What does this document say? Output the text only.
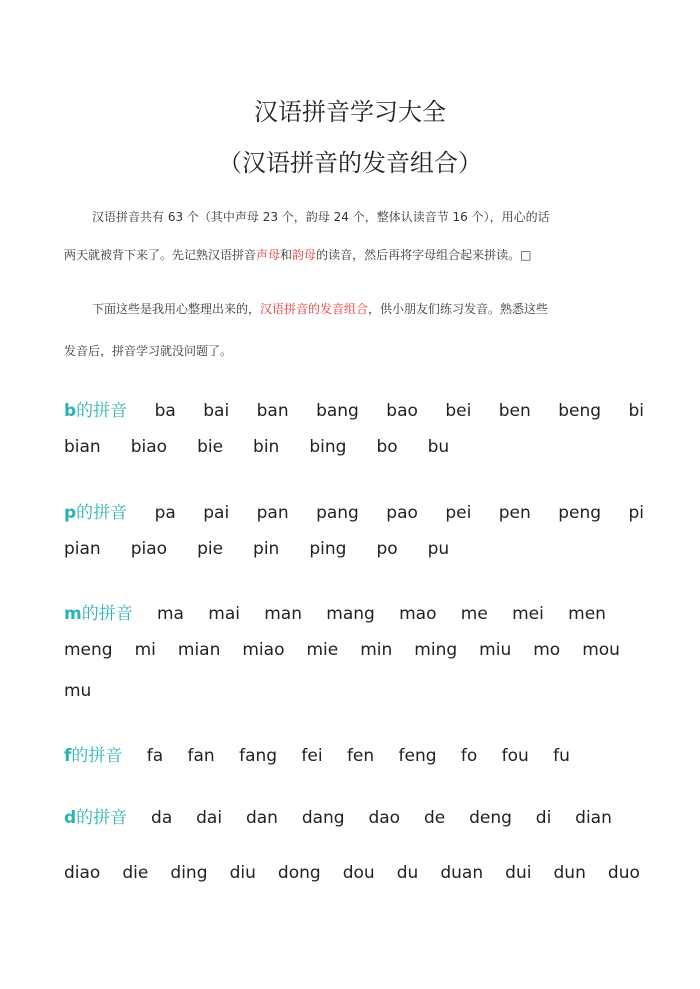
汉语拼音学习大全
（汉语拼音的发音组合）
汉语拼音共有 63 个（其中声母 23 个，韵母 24 个，整体认读音节 16 个），用心的话
两天就被背下来了。先记熟汉语拼音声母和韵母的读音，然后再将字母组合起来拼读。□
下面这些是我用心整理出来的，汉语拼音的发音组合，供小朋友们练习发音。熟悉这些
发音后，拼音学习就没问题了。
b的拼音 ba bai ban bang bao bei ben beng bi
bian biao bie bin bing bo bu
p的拼音 pa pai pan pang pao pei pen peng pi
pian piao pie pin ping po pu
m的拼音 ma mai man mang mao me mei men
meng mi mian miao mie min ming miu mo mou
mu
f的拼音 fa fan fang fei fen feng fo fou fu
d的拼音 da dai dan dang dao de deng di dian
diao die ding diu dong dou du duan dui dun duo
